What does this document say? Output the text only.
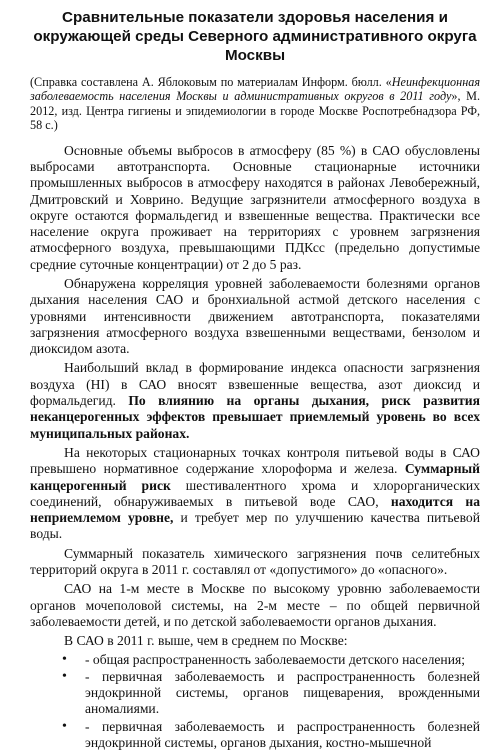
Сравнительные показатели здоровья населения и окружающей среды Северного административного округа Москвы
(Справка составлена А. Яблоковым по материалам Информ. бюлл. «Неинфекционная заболеваемость населения Москвы и административных округов в 2011 году», М. 2012, изд. Центра гигиены и эпидемиологии в городе Москве Роспотребнадзора РФ, 58 с.)

Основные объемы выбросов в атмосферу (85 %) в САО обусловлены выбросами автотранспорта. Основные стационарные источники промышленных выбросов в атмосферу находятся в районах Левобережный, Дмитровский и Ховрино. Ведущие загрязнители атмосферного воздуха в округе остаются формальдегид и взвешенные вещества. Практически все население округа проживает на территориях с уровнем загрязнения атмосферного воздуха, превышающими ПДКсс (предельно допустимые средние суточные концентрации) от 2 до 5 раз.

Обнаружена корреляция уровней заболеваемости болезнями органов дыхания населения САО и бронхиальной астмой детского населения с уровнями интенсивности движением автотранспорта, показателями загрязнения атмосферного воздуха взвешенными веществами, бензолом и диоксидом азота.

Наибольший вклад в формирование индекса опасности загрязнения воздуха (HI) в САО вносят взвешенные вещества, азот диоксид и формальдегид. По влиянию на органы дыхания, риск развития неканцерогенных эффектов превышает приемлемый уровень во всех муниципальных районах.

На некоторых стационарных точках контроля питьевой воды в САО превышено нормативное содержание хлороформа и железа. Суммарный канцерогенный риск шестивалентного хрома и хлорорганических соединений, обнаруживаемых в питьевой воде САО, находится на неприемлемом уровне, и требует мер по улучшению качества питьевой воды.

Суммарный показатель химического загрязнения почв селитебных территорий округа в 2011 г. составлял от «допустимого» до «опасного».

САО на 1-м месте в Москве по высокому уровню заболеваемости органов мочеполовой системы, на 2-м месте – по общей первичной заболеваемости детей, и по детской заболеваемости органов дыхания.

В САО в 2011 г. выше, чем в среднем по Москве:

• - общая распространенность заболеваемости детского населения;
• - первичная заболеваемость и распространенность болезней эндокринной системы, органов пищеварения, врожденными аномалиями.
• - первичная заболеваемость и распространенность болезней эндокринной системы, органов дыхания, костно-мышечной
